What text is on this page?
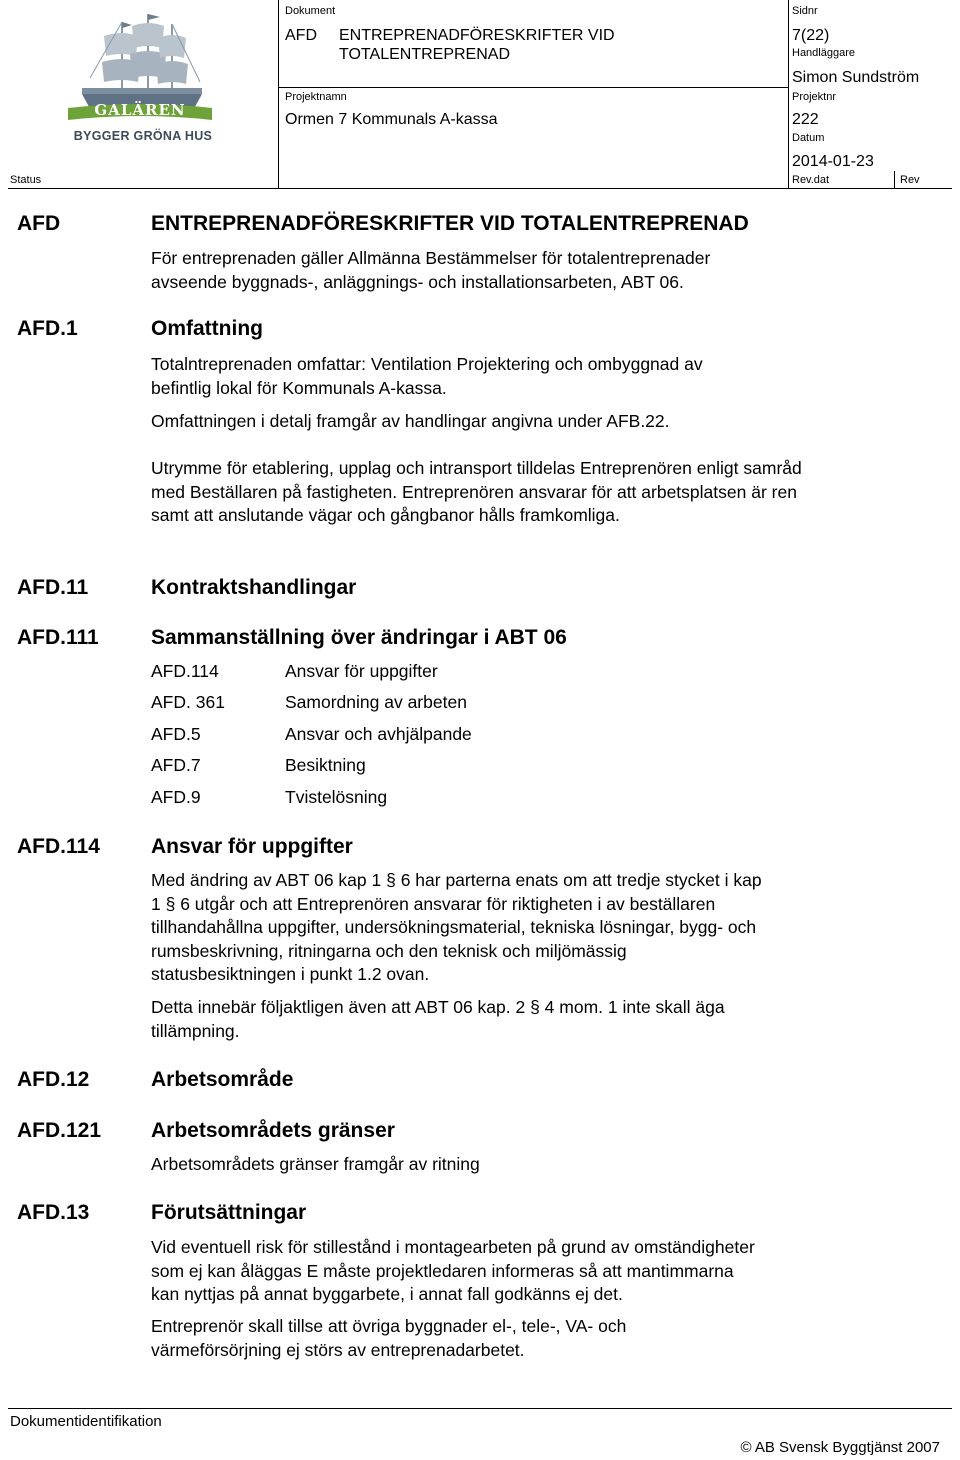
GALÄREN
BYGGER GRÖNA HUS
Dokument
AFD ENTREPRENADFÖRESKRIFTER VID
TOTALENTREPRENAD
Sidnr
7(22)
Handläggare
Simon Sundström
Projektnamn
Ormen 7 Kommunals A-kassa
Projektnr
222
Datum
2014-01-23
Status	Rev.dat	Rev
AFD	ENTREPRENADFÖRESKRIFTER VID TOTALENTREPRENAD
För entreprenaden gäller Allmänna Bestämmelser för totalentreprenader
avseende byggnads-, anläggnings- och installationsarbeten, ABT 06.
AFD.1	Omfattning
Totalntreprenaden omfattar: Ventilation Projektering och ombyggnad av
befintlig lokal för Kommunals A-kassa.
Omfattningen i detalj framgår av handlingar angivna under AFB.22.
Utrymme för etablering, upplag och intransport tilldelas Entreprenören enligt samråd
med Beställaren på fastigheten. Entreprenören ansvarar för att arbetsplatsen är ren
samt att anslutande vägar och gångbanor hålls framkomliga.
AFD.11	Kontraktshandlingar
AFD.111 Sammanställning över ändringar i ABT 06
AFD.114	Ansvar för uppgifter
AFD. 361	Samordning av arbeten
AFD.5	Ansvar och avhjälpande
AFD.7	Besiktning
AFD.9	Tvistelösning
AFD.114 Ansvar för uppgifter
Med ändring av ABT 06 kap 1 § 6 har parterna enats om att tredje stycket i kap
1 § 6 utgår och att Entreprenören ansvarar för riktigheten i av beställaren
tillhandahållna uppgifter, undersökningsmaterial, tekniska lösningar, bygg- och
rumsbeskrivning, ritningarna och den teknisk och miljömässig
statusbesiktningen i punkt 1.2 ovan.
Detta innebär följaktligen även att ABT 06 kap. 2 § 4 mom. 1 inte skall äga
tillämpning.
AFD.12	Arbetsområde
AFD.121 Arbetsområdets gränser
Arbetsområdets gränser framgår av ritning
AFD.13	Förutsättningar
Vid eventuell risk för stillestånd i montagearbeten på grund av omständigheter
som ej kan åläggas E måste projektledaren informeras så att mantimmarna
kan nyttjas på annat byggarbete, i annat fall godkänns ej det.
Entreprenör skall tillse att övriga byggnader el-, tele-, VA- och
värmeförsörjning ej störs av entreprenadarbetet.
Dokumentidentifikation
© AB Svensk Byggtjänst 2007
